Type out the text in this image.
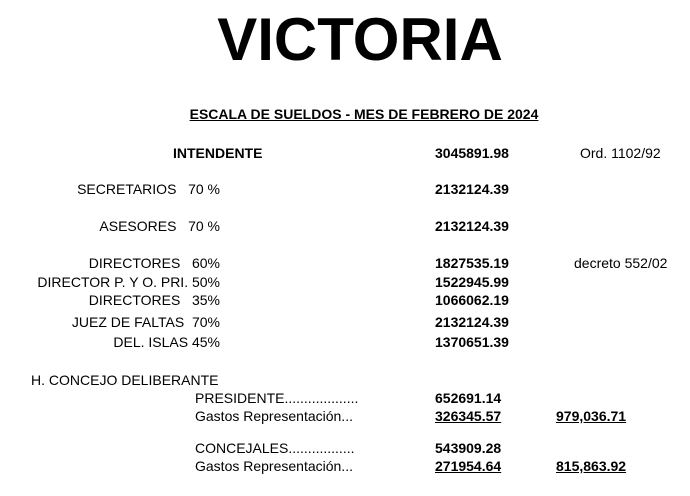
VICTORIA
ESCALA DE SUELDOS - MES DE FEBRERO DE 2024
INTENDENTE	3045891.98	Ord. 1102/92
SECRETARIOS   70 %	2132124.39
ASESORES   70 %	2132124.39
DIRECTORES   60%	1827535.19	decreto 552/02
DIRECTOR P. Y O. PRI. 50%	1522945.99
DIRECTORES   35%	1066062.19
JUEZ DE FALTAS  70%	2132124.39
DEL. ISLAS 45%	1370651.39
H. CONCEJO DELIBERANTE
PRESIDENTE...................	652691.14
Gastos Representación...	326345.57	979,036.71
CONCEJALES.................	543909.28
Gastos Representación...	271954.64	815,863.92
